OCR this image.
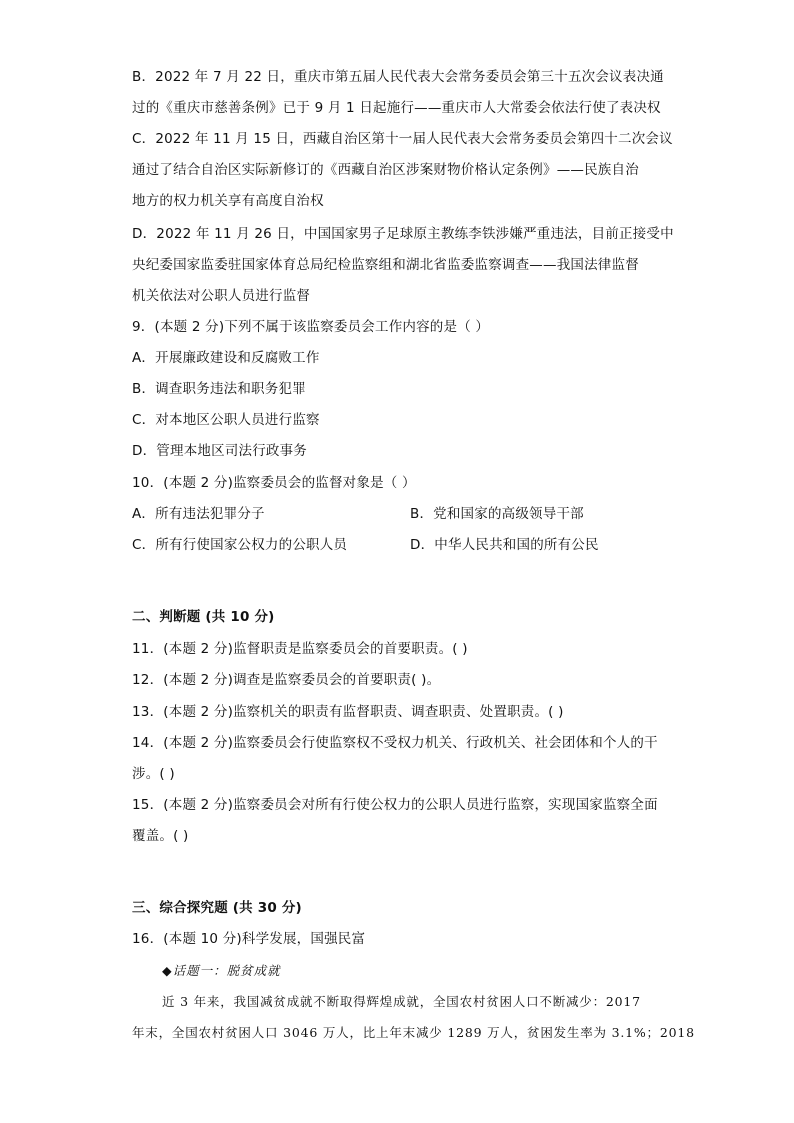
B．2022 年 7 月 22 日，重庆市第五届人民代表大会常务委员会第三十五次会议表决通
过的《重庆市慈善条例》已于 9 月 1 日起施行——重庆市人大常委会依法行使了表决权
C．2022 年 11 月 15 日，西藏自治区第十一届人民代表大会常务委员会第四十二次会议
通过了结合自治区实际新修订的《西藏自治区涉案财物价格认定条例》——民族自治
地方的权力机关享有高度自治权
D．2022 年 11 月 26 日，中国国家男子足球原主教练李铁涉嫌严重违法，目前正接受中
央纪委国家监委驻国家体育总局纪检监察组和湖北省监委监察调查——我国法律监督
机关依法对公职人员进行监督
9．(本题 2 分)下列不属于该监察委员会工作内容的是（ ）
A．开展廉政建设和反腐败工作
B．调查职务违法和职务犯罪
C．对本地区公职人员进行监察
D．管理本地区司法行政事务
10．(本题 2 分)监察委员会的监督对象是（ ）
A．所有违法犯罪分子	B．党和国家的高级领导干部
C．所有行使国家公权力的公职人员	D．中华人民共和国的所有公民
二、判断题 (共 10 分)
11．(本题 2 分)监督职责是监察委员会的首要职责。( )
12．(本题 2 分)调查是监察委员会的首要职责( )。
13．(本题 2 分)监察机关的职责有监督职责、调查职责、处置职责。( )
14．(本题 2 分)监察委员会行使监察权不受权力机关、行政机关、社会团体和个人的干
涉。( )
15．(本题 2 分)监察委员会对所有行使公权力的公职人员进行监察，实现国家监察全面
覆盖。( )
三、综合探究题 (共 30 分)
16．(本题 10 分)科学发展，国强民富
◆话题一：脱贫成就
近 3 年来，我国减贫成就不断取得辉煌成就，全国农村贫困人口不断减少：2017
年末，全国农村贫困人口 3046 万人，比上年末减少 1289 万人，贫困发生率为 3.1%；2018
